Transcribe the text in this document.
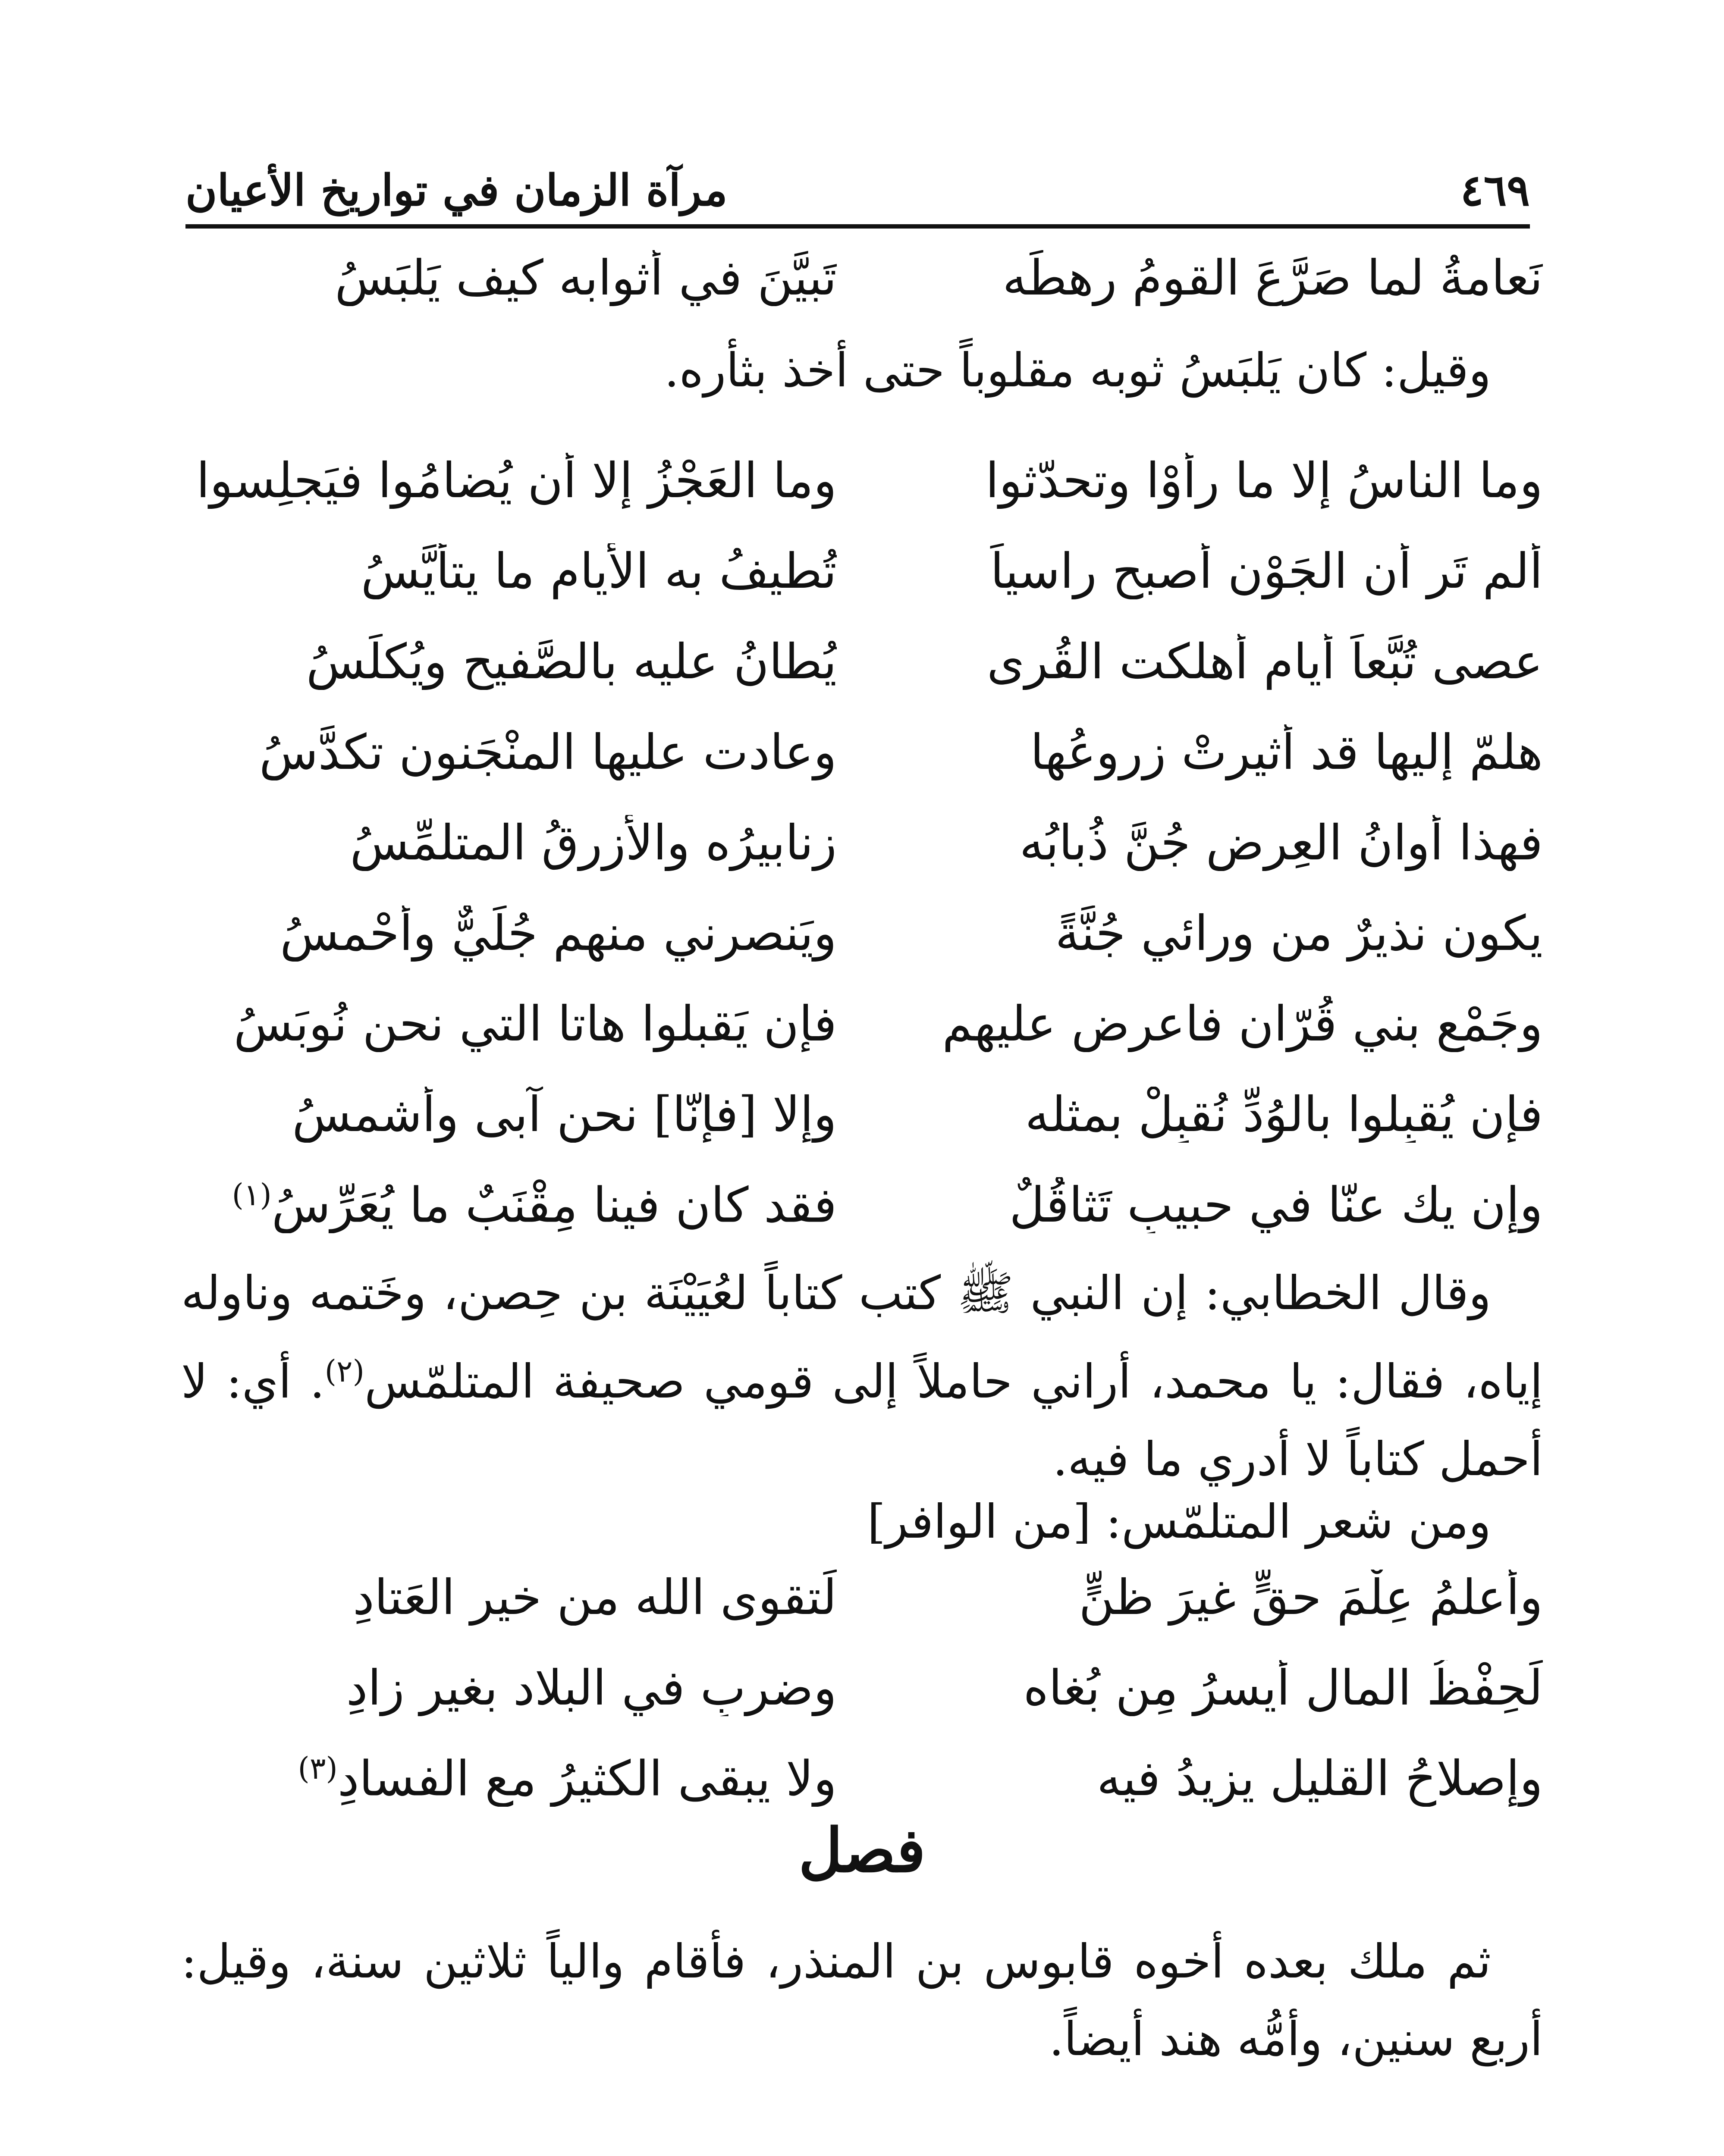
٤٦٩
مرآة الزمان في تواريخ الأعيان
نَعامةُ لما صَرَّعَ القومُ رهطَه
تَبيَّنَ في أثوابه كيف يَلبَسُ

وقيل: كان يَلبَسُ ثوبه مقلوباً حتى أخذ بثأره.

وما الناسُ إلا ما رأَوْا وتحدّثوا
وما العَجْزُ إلا أن يُضامُوا فيَجلِسوا
ألم تَر أن الجَوْن أصبح راسياً
تُطيفُ به الأيام ما يتأيَّسُ
عصى تُبَّعاً أيام أُهلكت القُرى
يُطانُ عليه بالصَّفيح ويُكلَسُ
هلمّ إليها قد أُثيرتْ زروعُها
وعادت عليها المنْجَنون تكدَّسُ
فهذا أوانُ العِرضِ جُنَّ ذُبابُه
زنابيرُه والأزرقُ المتلمِّسُ
يكون نذيرٌ من ورائي جُنَّةً
ويَنصرني منهم جُلَيٌّ وأَحْمسُ
وجَمْع بني قُرّان فاعرض عليهم
فإن يَقبلوا هاتا التي نحن نُوبَسُ
فإن يُقبِلوا بالوُدِّ نُقبِلْ بمثله
وإلا [فإنّا] نحن آبى وأشمسُ
وإن يك عنّا في حبيبٍ تَثاقُلٌ
فقد كان فينا مِقْنَبٌ ما يُعَرِّسُ$^{(١)}$

وقال الخطابي: إن النبي ﷺ كتب كتاباً لعُيَيْنَة بن حِصن، وخَتمه وناوله إياه، فقال: يا محمد، أراني حاملاً إلى قومي صحيفة المتلمّس$^{(٢)}$. أي: لا أحمل كتاباً لا أدري ما فيه.

ومن شعر المتلمّس: [من الوافر]

وأَعلمُ عِلْمَ حقٍّ غيرَ ظنٍّ
لَتقوى الله من خير العَتادِ
لَحِفْظُ المال أيسرُ مِن بُغاه
وضربٍ في البلاد بغير زادِ
وإصلاحُ القليل يزيدُ فيه
ولا يبقى الكثيرُ مع الفسادِ$^{(٣)}$
فصل

ثم ملك بعده أخوه قابوس بن المنذر، فأقام والياً ثلاثين سنة، وقيل: أربع سنين، وأمُّه هند أيضاً.
